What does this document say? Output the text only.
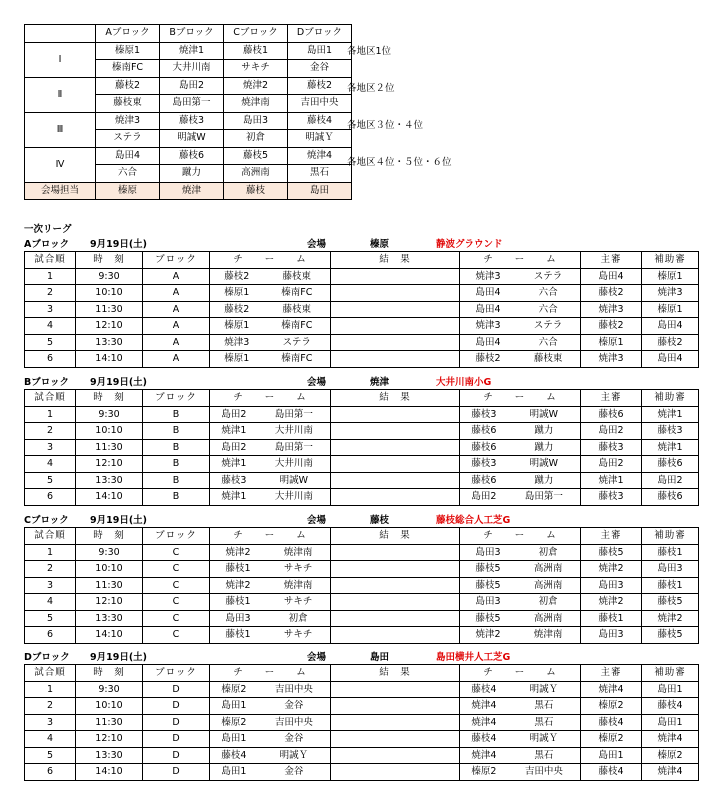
	Aブロック	Bブロック	Cブロック	Dブロック
Ⅰ	榛原1	焼津1	藤枝1	島田1
	榛南FC	大井川南	サキチ	金谷
Ⅱ	藤枝2	島田2	焼津2	藤枝2
	藤枝東	島田第一	焼津南	吉田中央
Ⅲ	焼津3	藤枝3	島田3	藤枝4
	ステラ	明誠W	初倉	明誠Ｙ
Ⅳ	島田4	藤枝6	藤枝5	焼津4
	六合	蹴力	高洲南	黒石
会場担当	榛原	焼津	藤枝	島田
各地区1位
各地区２位
各地区３位・４位
各地区４位・５位・６位
一次リーグ
Aブロック 9月19日(土)	会場	榛原	静波グラウンド
試合順	時　刻	ブロック	チ　　ー　　ム		結　果		チ　　ー　　ム		主審	補助審
1	9:30	A	藤枝2	藤枝東			焼津3	ステラ	島田4	榛原1
2	10:10	A	榛原1	榛南FC			島田4	六合	藤枝2	焼津3
3	11:30	A	藤枝2	藤枝東			島田4	六合	焼津3	榛原1
4	12:10	A	榛原1	榛南FC			焼津3	ステラ	藤枝2	島田4
5	13:30	A	焼津3	ステラ			島田4	六合	榛原1	藤枝2
6	14:10	A	榛原1	榛南FC			藤枝2	藤枝東	焼津3	島田4
Bブロック 9月19日(土)	会場	焼津	大井川南小G
試合順	時　刻	ブロック	チ　　ー　　ム		結　果		チ　　ー　　ム		主審	補助審
1	9:30	B	島田2	島田第一			藤枝3	明誠W	藤枝6	焼津1
2	10:10	B	焼津1	大井川南			藤枝6	蹴力	島田2	藤枝3
3	11:30	B	島田2	島田第一			藤枝6	蹴力	藤枝3	焼津1
4	12:10	B	焼津1	大井川南			藤枝3	明誠W	島田2	藤枝6
5	13:30	B	藤枝3	明誠W			藤枝6	蹴力	焼津1	島田2
6	14:10	B	焼津1	大井川南			島田2	島田第一	藤枝3	藤枝6
Cブロック 9月19日(土)	会場	藤枝	藤枝総合人工芝G
試合順	時　刻	ブロック	チ　　ー　　ム		結　果		チ　　ー　　ム		主審	補助審
1	9:30	C	焼津2	焼津南			島田3	初倉	藤枝5	藤枝1
2	10:10	C	藤枝1	サキチ			藤枝5	高洲南	焼津2	島田3
3	11:30	C	焼津2	焼津南			藤枝5	高洲南	島田3	藤枝1
4	12:10	C	藤枝1	サキチ			島田3	初倉	焼津2	藤枝5
5	13:30	C	島田3	初倉			藤枝5	高洲南	藤枝1	焼津2
6	14:10	C	藤枝1	サキチ			焼津2	焼津南	島田3	藤枝5
Dブロック 9月19日(土)	会場	島田	島田横井人工芝G
試合順	時　刻	ブロック	チ　　ー　　ム		結　果		チ　　ー　　ム		主審	補助審
1	9:30	D	榛原2	吉田中央			藤枝4	明誠Ｙ	焼津4	島田1
2	10:10	D	島田1	金谷			焼津4	黒石	榛原2	藤枝4
3	11:30	D	榛原2	吉田中央			焼津4	黒石	藤枝4	島田1
4	12:10	D	島田1	金谷			藤枝4	明誠Ｙ	榛原2	焼津4
5	13:30	D	藤枝4	明誠Ｙ			焼津4	黒石	島田1	榛原2
6	14:10	D	島田1	金谷			榛原2	吉田中央	藤枝4	焼津4
